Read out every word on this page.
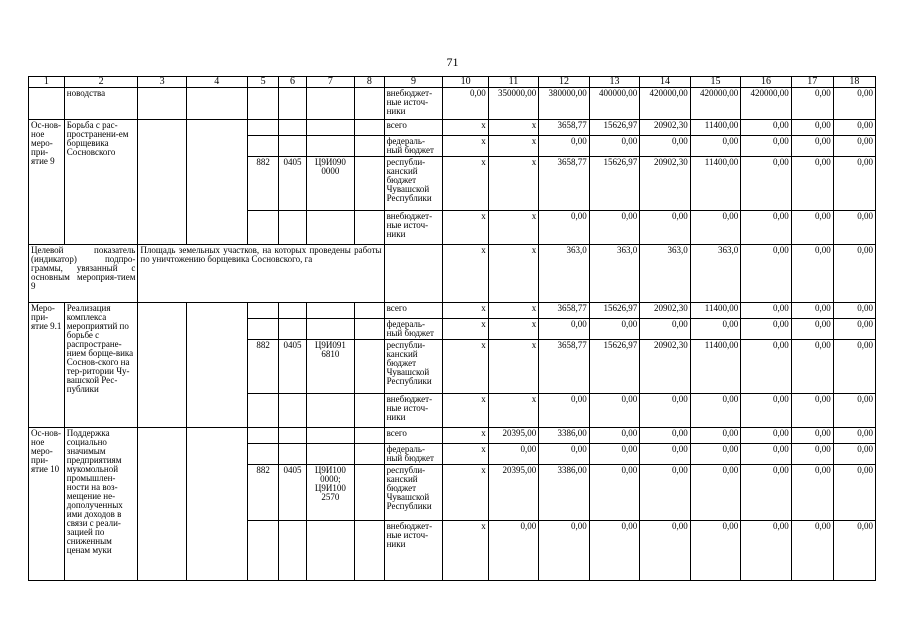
71
1	2	3	4	5	6	7	8	9	10	11	12	13	14	15	16	17	18
	новодства							внебюджет-ные источ-ники	0,00	350000,00	380000,00	400000,00	420000,00	420000,00	420000,00	0,00	0,00
Ос-нов-ное меро-при-ятие 9	Борьба с рас-пространени-ем борщевика Сосновского							всего	x	x	3658,77	15626,97	20902,30	11400,00	0,00	0,00	0,00
								федераль-ный бюджет	x	x	0,00	0,00	0,00	0,00	0,00	0,00	0,00
				882	0405	Ц9И090 0000		республи-канский бюджет Чувашской Республики	x	x	3658,77	15626,97	20902,30	11400,00	0,00	0,00	0,00
								внебюджет-ные источ-ники	x	x	0,00	0,00	0,00	0,00	0,00	0,00	0,00
Целевой показатель (индикатор) подпро-граммы, увязанный с основным мероприя-тием 9		Площадь земельных участков, на которых проведены работы по уничтожению борщевика Сосновского, га							x	x	363,0	363,0	363,0	363,0	0,00	0,00	0,00
Меро-при-ятие 9.1	Реализация комплекса мероприятий по борьбе с распростране-нием борще-вика Соснов-ского на тер-ритории Чу-вашской Рес-публики							всего	x	x	3658,77	15626,97	20902,30	11400,00	0,00	0,00	0,00
								федераль-ный бюджет	x	x	0,00	0,00	0,00	0,00	0,00	0,00	0,00
				882	0405	Ц9И091 6810		республи-канский бюджет Чувашской Республики	x	x	3658,77	15626,97	20902,30	11400,00	0,00	0,00	0,00
								внебюджет-ные источ-ники	x	x	0,00	0,00	0,00	0,00	0,00	0,00	0,00
Ос-нов-ное меро-при-ятие 10	Поддержка социально значимым предприятиям мукомольной промышлен-ности на воз-мещение не-дополученных ими доходов в связи с реали-зацией по сниженным ценам муки							всего	x	20395,00	3386,00	0,00	0,00	0,00	0,00	0,00	0,00
								федераль-ный бюджет	x	0,00	0,00	0,00	0,00	0,00	0,00	0,00	0,00
				882	0405	Ц9И100 0000; Ц9И100 2570		республи-канский бюджет Чувашской Республики	x	20395,00	3386,00	0,00	0,00	0,00	0,00	0,00	0,00
								внебюджет-ные источ-ники	x	0,00	0,00	0,00	0,00	0,00	0,00	0,00	0,00
